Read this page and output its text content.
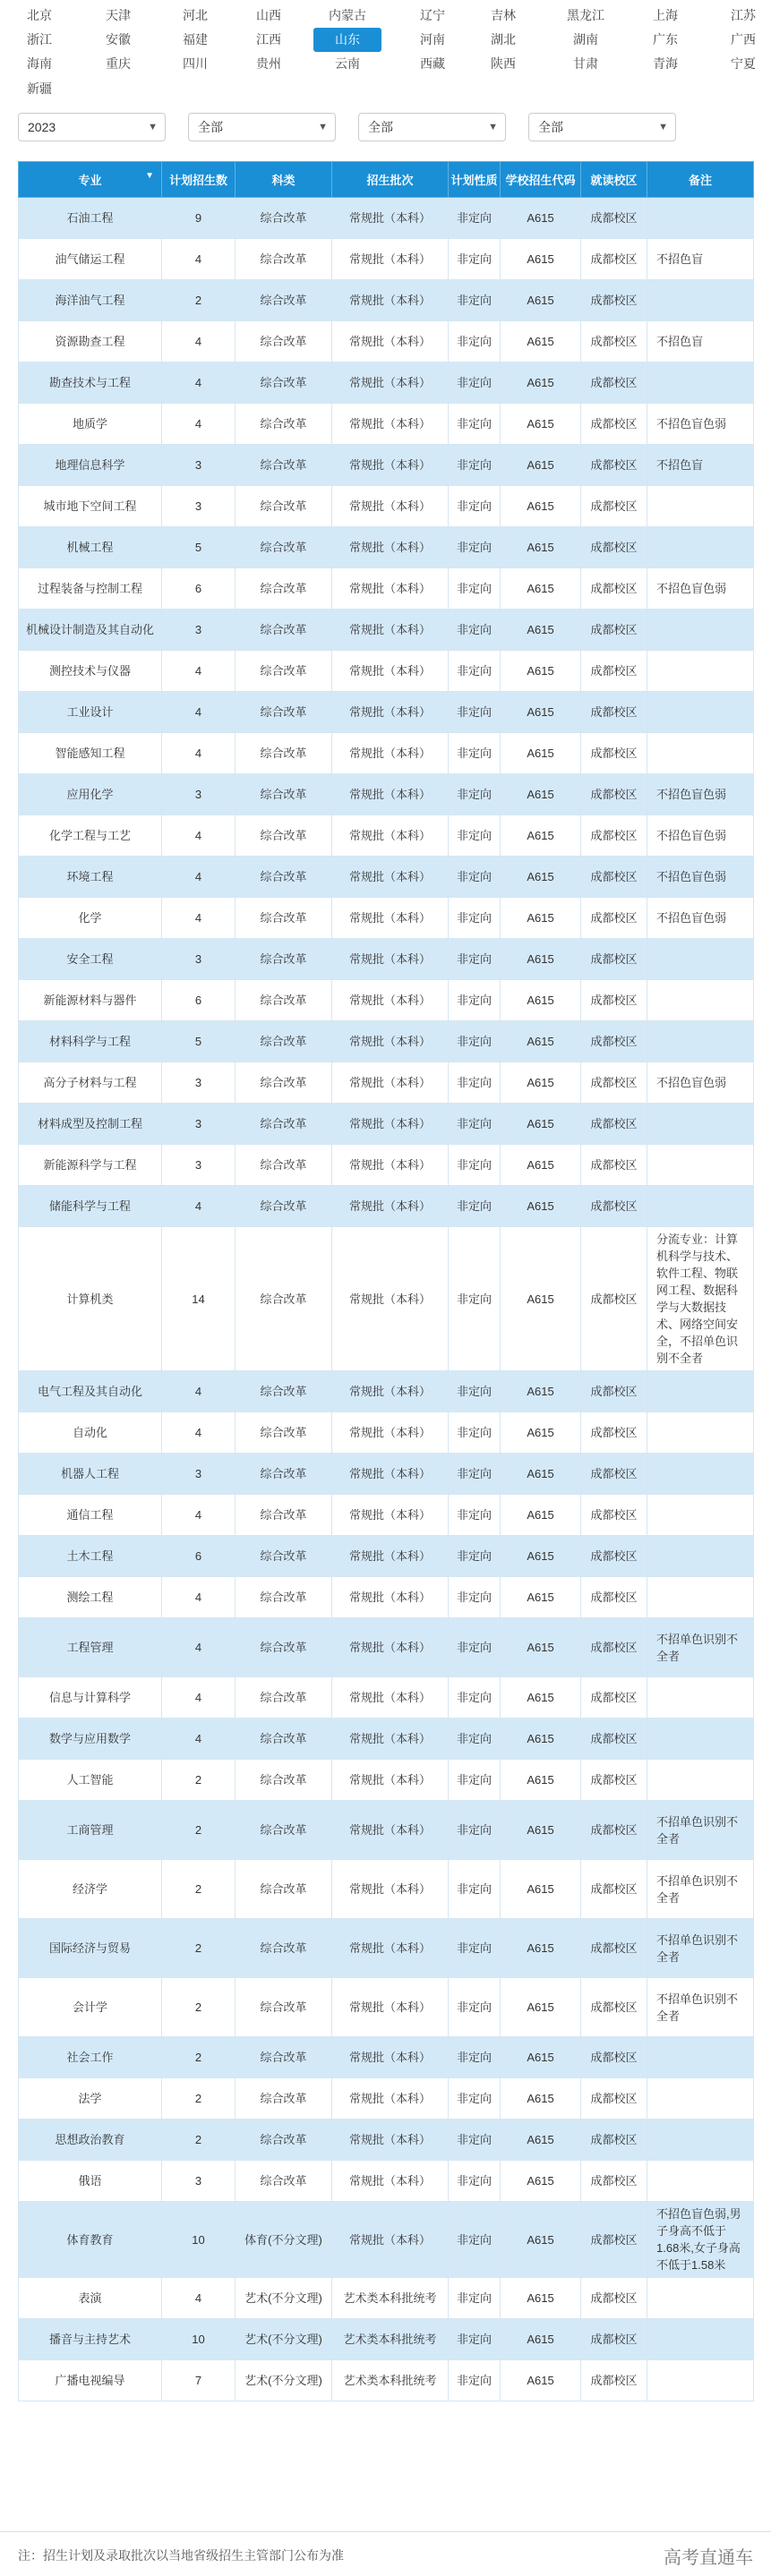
北京	天津	河北	山西	内蒙古	辽宁	吉林	黑龙江	上海	江苏
浙江	安徽	福建	江西	山东	河南	湖北	湖南	广东	广西
海南	重庆	四川	贵州	云南	西藏	陕西	甘肃	青海	宁夏
新疆
2023	▼	全部	▼	全部	▼	全部	▼
专业 ▼	计划招生数	科类	招生批次	计划性质	学校招生代码	就读校区	备注
石油工程	9	综合改革	常规批（本科）	非定向	A615	成都校区	
油气储运工程	4	综合改革	常规批（本科）	非定向	A615	成都校区	不招色盲
海洋油气工程	2	综合改革	常规批（本科）	非定向	A615	成都校区	
资源勘查工程	4	综合改革	常规批（本科）	非定向	A615	成都校区	不招色盲
勘查技术与工程	4	综合改革	常规批（本科）	非定向	A615	成都校区	
地质学	4	综合改革	常规批（本科）	非定向	A615	成都校区	不招色盲色弱
地理信息科学	3	综合改革	常规批（本科）	非定向	A615	成都校区	不招色盲
城市地下空间工程	3	综合改革	常规批（本科）	非定向	A615	成都校区	
机械工程	5	综合改革	常规批（本科）	非定向	A615	成都校区	
过程装备与控制工程	6	综合改革	常规批（本科）	非定向	A615	成都校区	不招色盲色弱
机械设计制造及其自动化	3	综合改革	常规批（本科）	非定向	A615	成都校区	
测控技术与仪器	4	综合改革	常规批（本科）	非定向	A615	成都校区	
工业设计	4	综合改革	常规批（本科）	非定向	A615	成都校区	
智能感知工程	4	综合改革	常规批（本科）	非定向	A615	成都校区	
应用化学	3	综合改革	常规批（本科）	非定向	A615	成都校区	不招色盲色弱
化学工程与工艺	4	综合改革	常规批（本科）	非定向	A615	成都校区	不招色盲色弱
环境工程	4	综合改革	常规批（本科）	非定向	A615	成都校区	不招色盲色弱
化学	4	综合改革	常规批（本科）	非定向	A615	成都校区	不招色盲色弱
安全工程	3	综合改革	常规批（本科）	非定向	A615	成都校区	
新能源材料与器件	6	综合改革	常规批（本科）	非定向	A615	成都校区	
材料科学与工程	5	综合改革	常规批（本科）	非定向	A615	成都校区	
高分子材料与工程	3	综合改革	常规批（本科）	非定向	A615	成都校区	不招色盲色弱
材料成型及控制工程	3	综合改革	常规批（本科）	非定向	A615	成都校区	
新能源科学与工程	3	综合改革	常规批（本科）	非定向	A615	成都校区	
储能科学与工程	4	综合改革	常规批（本科）	非定向	A615	成都校区	
计算机类	14	综合改革	常规批（本科）	非定向	A615	成都校区	分流专业：计算机科学与技术、软件工程、物联网工程、数据科学与大数据技术、网络空间安全，不招单色识别不全者
电气工程及其自动化	4	综合改革	常规批（本科）	非定向	A615	成都校区	
自动化	4	综合改革	常规批（本科）	非定向	A615	成都校区	
机器人工程	3	综合改革	常规批（本科）	非定向	A615	成都校区	
通信工程	4	综合改革	常规批（本科）	非定向	A615	成都校区	
土木工程	6	综合改革	常规批（本科）	非定向	A615	成都校区	
测绘工程	4	综合改革	常规批（本科）	非定向	A615	成都校区	
工程管理	4	综合改革	常规批（本科）	非定向	A615	成都校区	不招单色识别不全者
信息与计算科学	4	综合改革	常规批（本科）	非定向	A615	成都校区	
数学与应用数学	4	综合改革	常规批（本科）	非定向	A615	成都校区	
人工智能	2	综合改革	常规批（本科）	非定向	A615	成都校区	
工商管理	2	综合改革	常规批（本科）	非定向	A615	成都校区	不招单色识别不全者
经济学	2	综合改革	常规批（本科）	非定向	A615	成都校区	不招单色识别不全者
国际经济与贸易	2	综合改革	常规批（本科）	非定向	A615	成都校区	不招单色识别不全者
会计学	2	综合改革	常规批（本科）	非定向	A615	成都校区	不招单色识别不全者
社会工作	2	综合改革	常规批（本科）	非定向	A615	成都校区	
法学	2	综合改革	常规批（本科）	非定向	A615	成都校区	
思想政治教育	2	综合改革	常规批（本科）	非定向	A615	成都校区	
俄语	3	综合改革	常规批（本科）	非定向	A615	成都校区	
体育教育	10	体育(不分文理)	常规批（本科）	非定向	A615	成都校区	不招色盲色弱,男子身高不低于1.68米,女子身高不低于1.58米
表演	4	艺术(不分文理)	艺术类本科批统考	非定向	A615	成都校区	
播音与主持艺术	10	艺术(不分文理)	艺术类本科批统考	非定向	A615	成都校区	
广播电视编导	7	艺术(不分文理)	艺术类本科批统考	非定向	A615	成都校区	
注：招生计划及录取批次以当地省级招生主管部门公布为准	高考直通车
